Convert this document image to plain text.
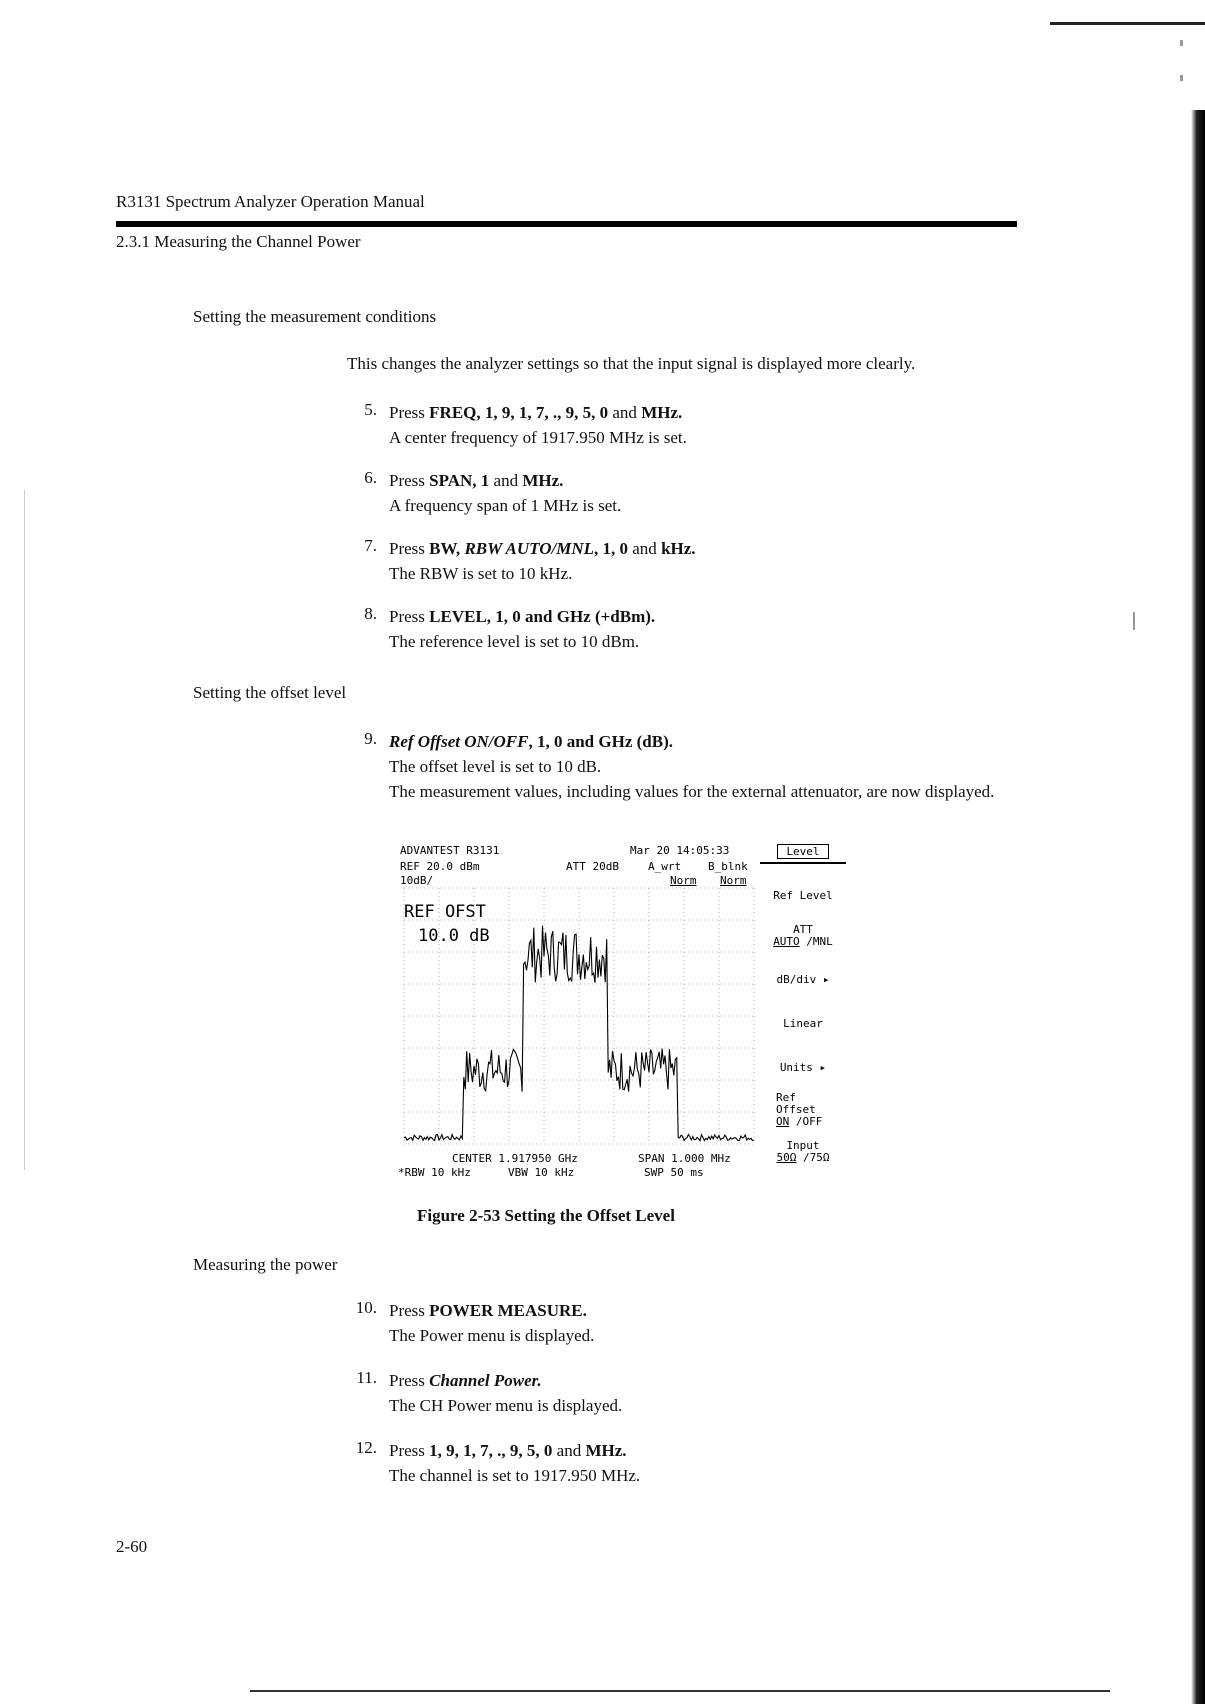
R3131 Spectrum Analyzer Operation Manual
2.3.1 Measuring the Channel Power
Setting the measurement conditions
This changes the analyzer settings so that the input signal is displayed more clearly.
5. Press FREQ, 1, 9, 1, 7, ., 9, 5, 0 and MHz.
A center frequency of 1917.950 MHz is set.
6. Press SPAN, 1 and MHz.
A frequency span of 1 MHz is set.
7. Press BW, RBW AUTO/MNL, 1, 0 and kHz.
The RBW is set to 10 kHz.
8. Press LEVEL, 1, 0 and GHz (+dBm).
The reference level is set to 10 dBm.
Setting the offset level
9. Ref Offset ON/OFF, 1, 0 and GHz (dB).
The offset level is set to 10 dB.
The measurement values, including values for the external attenuator, are now displayed.
ADVANTEST R3131	Mar 20 14:05:33
REF 20.0 dBm	ATT 20dB	A_wrt B_blnk
10dB/	Norm Norm
REF OFST
10.0 dB
CENTER 1.917950 GHz	SPAN 1.000 MHz
*RBW 10 kHz	VBW 10 kHz	SWP 50 ms
Level
Ref Level
ATT
AUTO /MNL
dB/div ▸
Linear
Units ▸
Ref
Offset
ON /OFF
Input
50Ω /75Ω
Figure 2-53 Setting the Offset Level
Measuring the power
10. Press POWER MEASURE.
The Power menu is displayed.
11. Press Channel Power.
The CH Power menu is displayed.
12. Press 1, 9, 1, 7, ., 9, 5, 0 and MHz.
The channel is set to 1917.950 MHz.
2-60
